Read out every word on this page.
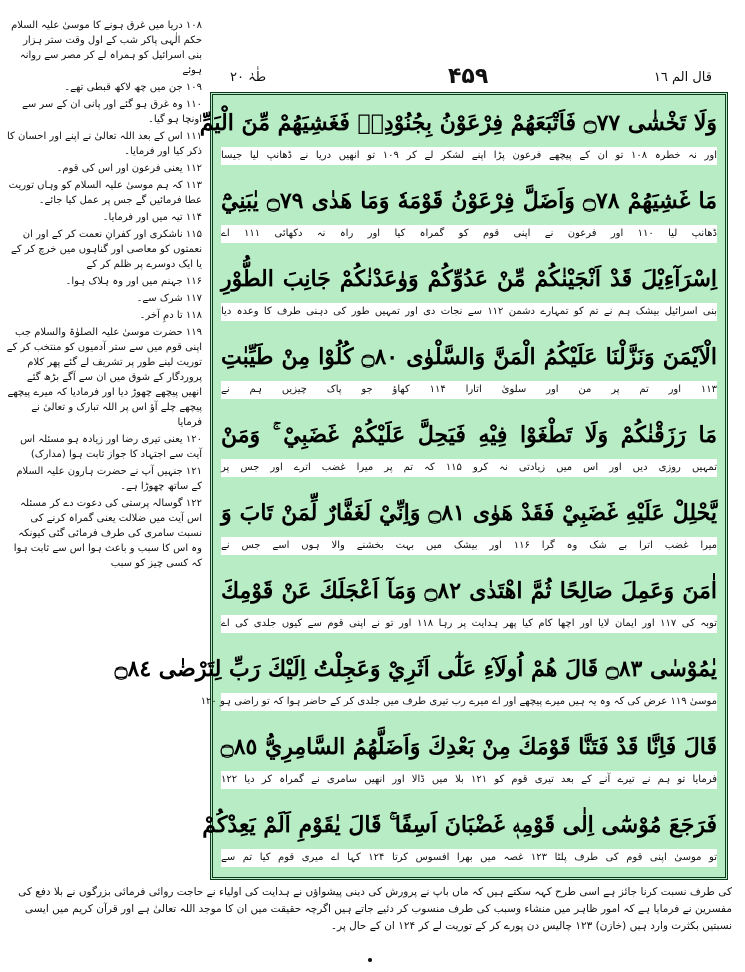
طٰہٰ ٢٠	۴۵۹	قال الم ١٦
وَلَا تَخْشٰى ۝٧٧ فَاَتْبَعَهُمْ فِرْعَوْنُ بِجُنُوْدِهٖ فَغَشِيَهُمْ مِّنَ الْيَمِّ
اور نہ خطرہ ۱۰۸ تو ان کے پیچھے فرعون پڑا اپنے لشکر لے کر ۱۰۹ تو انھیں دریا نے ڈھانپ لیا جیسا
مَا غَشِيَهُمْ ۝٧٨ وَاَضَلَّ فِرْعَوْنُ قَوْمَهٗ وَمَا هَدٰى ۝٧٩ يٰبَنِيْٓ
ڈھانپ لیا ۱۱۰ اور فرعون نے اپنی قوم کو گمراہ کیا اور راہ نہ دکھائی ۱۱۱ اے
اِسْرَآءِيْلَ قَدْ اَنْجَيْنٰكُمْ مِّنْ عَدُوِّكُمْ وَوٰعَدْنٰكُمْ جَانِبَ الطُّوْرِ
بنی اسرائیل بیشک ہم نے تم کو تمہارے دشمن ۱۱۲ سے نجات دی اور تمہیں طور کی دہنی طرف کا وعدہ دیا
الْاَيْمَنَ وَنَزَّلْنَا عَلَيْكُمُ الْمَنَّ وَالسَّلْوٰى ۝٨٠ كُلُوْا مِنْ طَيِّبٰتِ
۱۱۳ اور تم پر من اور سلویٰ اتارا ۱۱۴ کھاؤ جو پاک چیزیں ہم نے
مَا رَزَقْنٰكُمْ وَلَا تَطْغَوْا فِيْهِ فَيَحِلَّ عَلَيْكُمْ غَضَبِيْ ۚ وَمَنْ
تمہیں روزی دیں اور اس میں زیادتی نہ کرو ۱۱۵ کہ تم پر میرا غضب اترے اور جس پر
يَّحْلِلْ عَلَيْهِ غَضَبِيْ فَقَدْ هَوٰى ۝٨١ وَاِنِّيْ لَغَفَّارٌ لِّمَنْ تَابَ وَ
میرا غضب اترا بے شک وہ گرا ۱۱۶ اور بیشک میں بہت بخشنے والا ہوں اسے جس نے
اٰمَنَ وَعَمِلَ صَالِحًا ثُمَّ اهْتَدٰى ۝٨٢ وَمَآ اَعْجَلَكَ عَنْ قَوْمِكَ
توبہ کی ۱۱۷ اور ایمان لایا اور اچھا کام کیا پھر ہدایت پر رہا ۱۱۸ اور تو نے اپنی قوم سے کیوں جلدی کی اے
يٰمُوْسٰى ۝٨٣ قَالَ هُمْ اُولَآءِ عَلٰٓى اَثَرِيْ وَعَجِلْتُ اِلَيْكَ رَبِّ لِتَرْضٰى ۝٨٤
موسیٰ ۱۱۹ عرض کی کہ وہ یہ ہیں میرے پیچھے اور اے میرے رب تیری طرف میں جلدی کر کے حاضر ہوا کہ تو راضی ہو ۱۲۰
قَالَ فَاِنَّا قَدْ فَتَنَّا قَوْمَكَ مِنْ بَعْدِكَ وَاَضَلَّهُمُ السَّامِرِيُّ ۝٨٥
فرمایا تو ہم نے تیرے آنے کے بعد تیری قوم کو ۱۲۱ بلا میں ڈالا اور انھیں سامری نے گمراہ کر دیا ۱۲۲
فَرَجَعَ مُوْسٰٓى اِلٰى قَوْمِهٖ غَضْبَانَ اَسِفًا ۚ قَالَ يٰقَوْمِ اَلَمْ يَعِدْكُمْ
تو موسیٰ اپنی قوم کی طرف پلٹا ۱۲۳ غصہ میں بھرا افسوس کرتا ۱۲۴ کہا اے میری قوم کیا تم سے
۱۰۸ دریا میں غرق ہونے کا موسیٰ علیہ السلام حکم الٰہی پاکر شب کے اول وقت ستر ہزار بنی اسرائیل کو ہمراہ لے کر مصر سے روانہ ہوئے
۱۰۹ جن میں چھ لاکھ قبطی تھے۔
۱۱۰ وہ غرق ہو گئے اور پانی ان کے سر سے اونچا ہو گیا۔
۱۱۱ اس کے بعد اللہ تعالیٰ نے اپنے اور احسان کا ذکر کیا اور فرمایا۔
۱۱۲ یعنی فرعون اور اس کی قوم۔
۱۱۳ کہ ہم موسیٰ علیہ السلام کو وہاں توریت عطا فرمائیں گے جس پر عمل کیا جائے۔
۱۱۴ تیہ میں اور فرمایا۔
۱۱۵ ناشکری اور کفرانِ نعمت کر کے اور ان نعمتوں کو معاصی اور گناہوں میں خرچ کر کے یا ایک دوسرے پر ظلم کر کے
۱۱۶ جہنم میں اور وہ ہلاک ہوا۔
۱۱۷ شرک سے۔
۱۱۸ تا دمِ آخر۔
۱۱۹ حضرت موسیٰ علیہ الصلوٰۃ والسلام جب اپنی قوم میں سے ستر آدمیوں کو منتخب کر کے توریت لینے طور پر تشریف لے گئے پھر کلام پروردگار کے شوق میں ان سے آگے بڑھ گئے انھیں پیچھے چھوڑ دیا اور فرمادیا کہ میرے پیچھے پیچھے چلے آؤ اس پر اللہ تبارک و تعالیٰ نے فرمایا
۱۲۰ یعنی تیری رضا اور زیادہ ہو مسئلہ اس آیت سے اجتہاد کا جواز ثابت ہوا (مدارک)
۱۲۱ جنہیں آپ نے حضرت ہارون علیہ السلام کے ساتھ چھوڑا ہے۔
۱۲۲ گوسالہ پرستی کی دعوت دے کر مسئلہ اس آیت میں ضلالت یعنی گمراہ کرنے کی نسبت سامری کی طرف فرمائی گئی کیونکہ وہ اس کا سبب و باعث ہوا اس سے ثابت ہوا کہ کسی چیز کو سبب
کی طرف نسبت کرنا جائز ہے اسی طرح کہہ سکتے ہیں کہ ماں باپ نے پرورش کی دینی پیشواؤں نے ہدایت کی اولیاء نے حاجت روائی فرمائی بزرگوں نے بلا دفع کی مفسرین نے فرمایا ہے کہ امور ظاہر میں منشاء وسبب کی طرف منسوب کر دئیے جاتے ہیں اگرچہ حقیقت میں ان کا موجد اللہ تعالیٰ ہے اور قرآن کریم میں ایسی نسبتیں بکثرت وارد ہیں (خازن) ۱۲۳ چالیس دن پورے کر کے توریت لے کر ۱۲۴ ان کے حال پر۔
